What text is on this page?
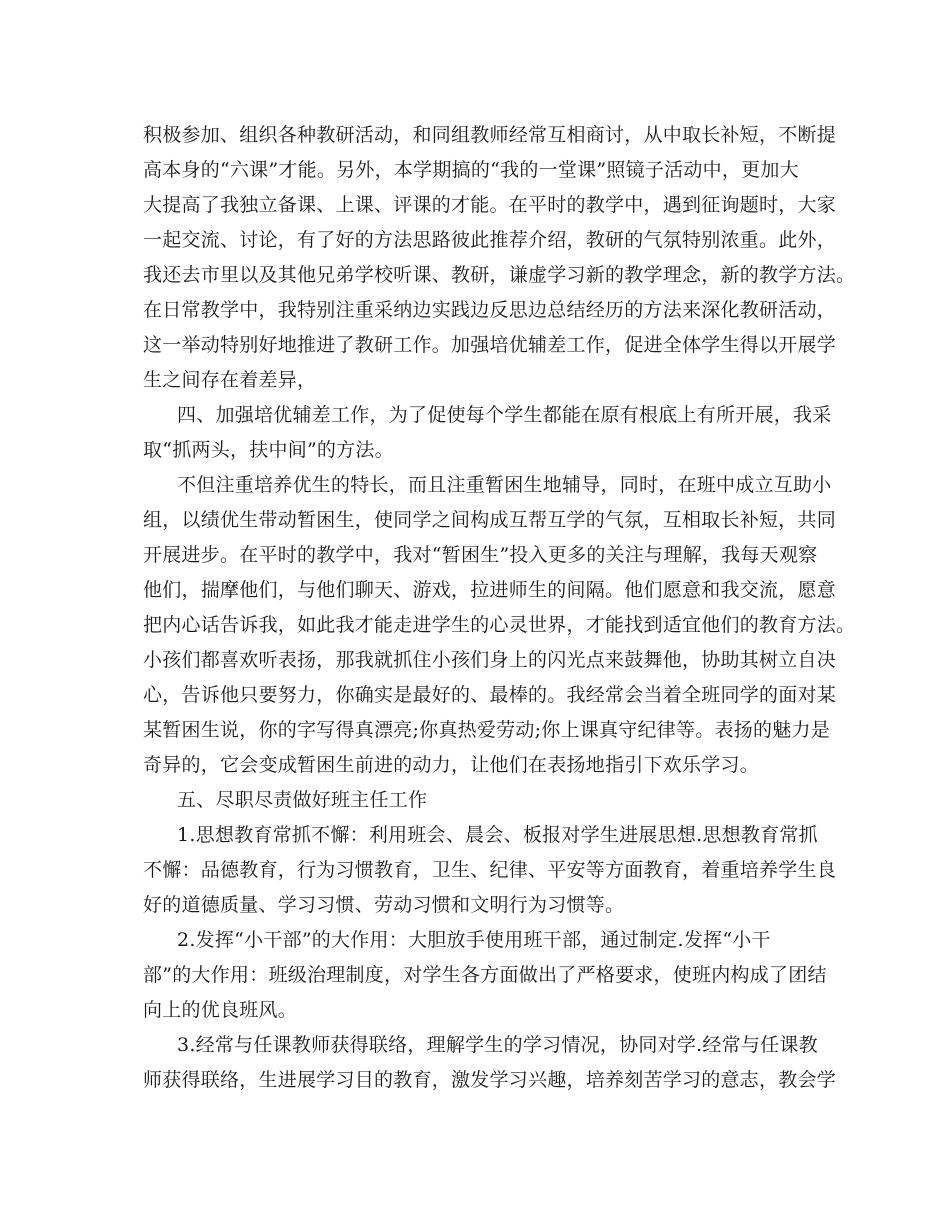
积极参加、组织各种教研活动，和同组教师经常互相商讨，从中取长补短，不断提
高本身的“六课”才能。另外，本学期搞的“我的一堂课”照镜子活动中，更加大
大提高了我独立备课、上课、评课的才能。在平时的教学中，遇到征询题时，大家
一起交流、讨论，有了好的方法思路彼此推荐介绍，教研的气氛特别浓重。此外，
我还去市里以及其他兄弟学校听课、教研，谦虚学习新的教学理念，新的教学方法。
在日常教学中，我特别注重采纳边实践边反思边总结经历的方法来深化教研活动，
这一举动特别好地推进了教研工作。加强培优辅差工作，促进全体学生得以开展学
生之间存在着差异，
四、加强培优辅差工作，为了促使每个学生都能在原有根底上有所开展，我采
取“抓两头，扶中间”的方法。
不但注重培养优生的特长，而且注重暂困生地辅导，同时，在班中成立互助小
组，以绩优生带动暂困生，使同学之间构成互帮互学的气氛，互相取长补短，共同
开展进步。在平时的教学中，我对“暂困生”投入更多的关注与理解，我每天观察
他们，揣摩他们，与他们聊天、游戏，拉进师生的间隔。他们愿意和我交流，愿意
把内心话告诉我，如此我才能走进学生的心灵世界，才能找到适宜他们的教育方法。
小孩们都喜欢听表扬，那我就抓住小孩们身上的闪光点来鼓舞他，协助其树立自决
心，告诉他只要努力，你确实是最好的、最棒的。我经常会当着全班同学的面对某
某暂困生说，你的字写得真漂亮;你真热爱劳动;你上课真守纪律等。表扬的魅力是
奇异的，它会变成暂困生前进的动力，让他们在表扬地指引下欢乐学习。
五、尽职尽责做好班主任工作
1.思想教育常抓不懈：利用班会、晨会、板报对学生进展思想.思想教育常抓
不懈：品德教育，行为习惯教育，卫生、纪律、平安等方面教育，着重培养学生良
好的道德质量、学习习惯、劳动习惯和文明行为习惯等。
2.发挥“小干部”的大作用：大胆放手使用班干部，通过制定.发挥“小干
部”的大作用：班级治理制度，对学生各方面做出了严格要求，使班内构成了团结
向上的优良班风。
3.经常与任课教师获得联络，理解学生的学习情况，协同对学.经常与任课教
师获得联络，生进展学习目的教育，激发学习兴趣，培养刻苦学习的意志，教会学
